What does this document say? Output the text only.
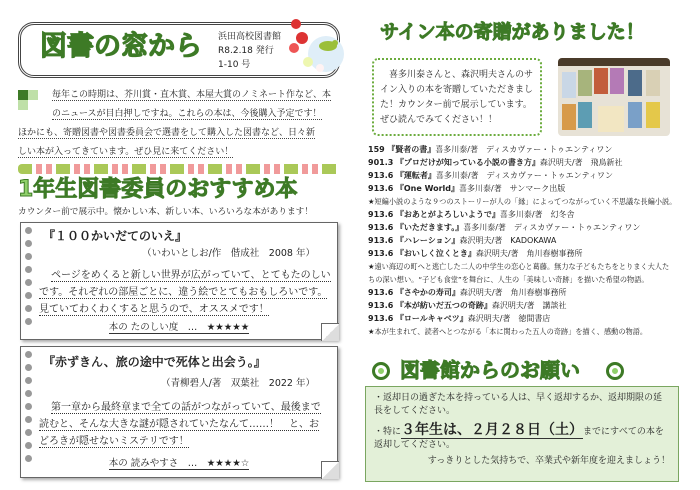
図書の窓から 浜田高校図書館
R8.2.18 発行
1-10 号
毎年この時期は、芥川賞・直木賞、本屋大賞のノミネート作など、本
のニュースが目白押しですね。これらの本は、今後購入予定です！
ほかにも、寄贈図書や図書委員会で選書をして購入した図書など、日々新
しい本が入ってきています。ぜひ見に来てください！
1年生図書委員のおすすめ本
カウンター前で展示中。懐かしい本、新しい本、いろいろな本があります！
『１００かいだてのいえ』
（いわいとしお/作　偕成社　2008 年）
ページをめくると新しい世界が広がっていて、とてもたのしい
です。それぞれの部屋ごとに、違う絵でとてもおもしろいです。
見ていてわくわくすると思うので、オススメです！
本の たのしい度　…　★★★★★
『赤ずきん、旅の途中で死体と出会う。』
（青柳碧人/著　双葉社　2022 年）
第一章から最終章まで全ての話がつながっていて、最後まで
読むと、そんな大きな謎が隠されていたなんて……！　と、お
どろきが隠せないミステリです！
本の 読みやすさ　…　★★★★☆
サイン本の寄贈がありました！
　喜多川泰さんと、森沢明夫さんのサイン入りの本を寄贈していただきました！カウンター前で展示しています。ぜひ読んでみてください！！
159 『賢者の書』喜多川泰/著　ディスカヴァー・トゥエンティワン
901.3 『プロだけが知っている小説の書き方』森沢明夫/著　飛鳥新社
913.6 『運転者』喜多川泰/著　ディスカヴァー・トゥエンティワン
913.6 『One World』喜多川泰/著　サンマーク出版
★短編小説のような９つのストーリーが人の「縁」によってつながっていく不思議な長編小説。
913.6 『おあとがよろしいようで』喜多川泰/著　幻冬舎
913.6 『いただきます。』喜多川泰/著　ディスカヴァー・トゥエンティワン
913.6 『ハレーション』森沢明夫/著　KADOKAWA
913.6 『おいしく泣くとき』森沢明夫/著　角川春樹事務所
★遠い海辺の町へと逃亡した二人の中学生の恋心と葛藤。無力な子どもたちをとりまく大人た
ちの深い想い。“子ども食堂”を舞台に、人生の「美味しい奇跡」を描いた希望の物語。
913.6 『さやかの寿司』森沢明夫/著　角川春樹事務所
913.6 『本が紡いだ五つの奇跡』森沢明夫/著　講談社
913.6 『ロールキャベツ』森沢明夫/著　徳間書店
★本が生まれて、読者へとつながる「本に関わった五人の奇跡」を描く、感動の物語。
図書館からのお願い
・返却日の過ぎた本を持っている人は、早く返却するか、返却期限の延長をしてください。
・特に３年生は、２月２８日（土）までにすべての本を返却してください。
すっきりとした気持ちで、卒業式や新年度を迎えましょう！
